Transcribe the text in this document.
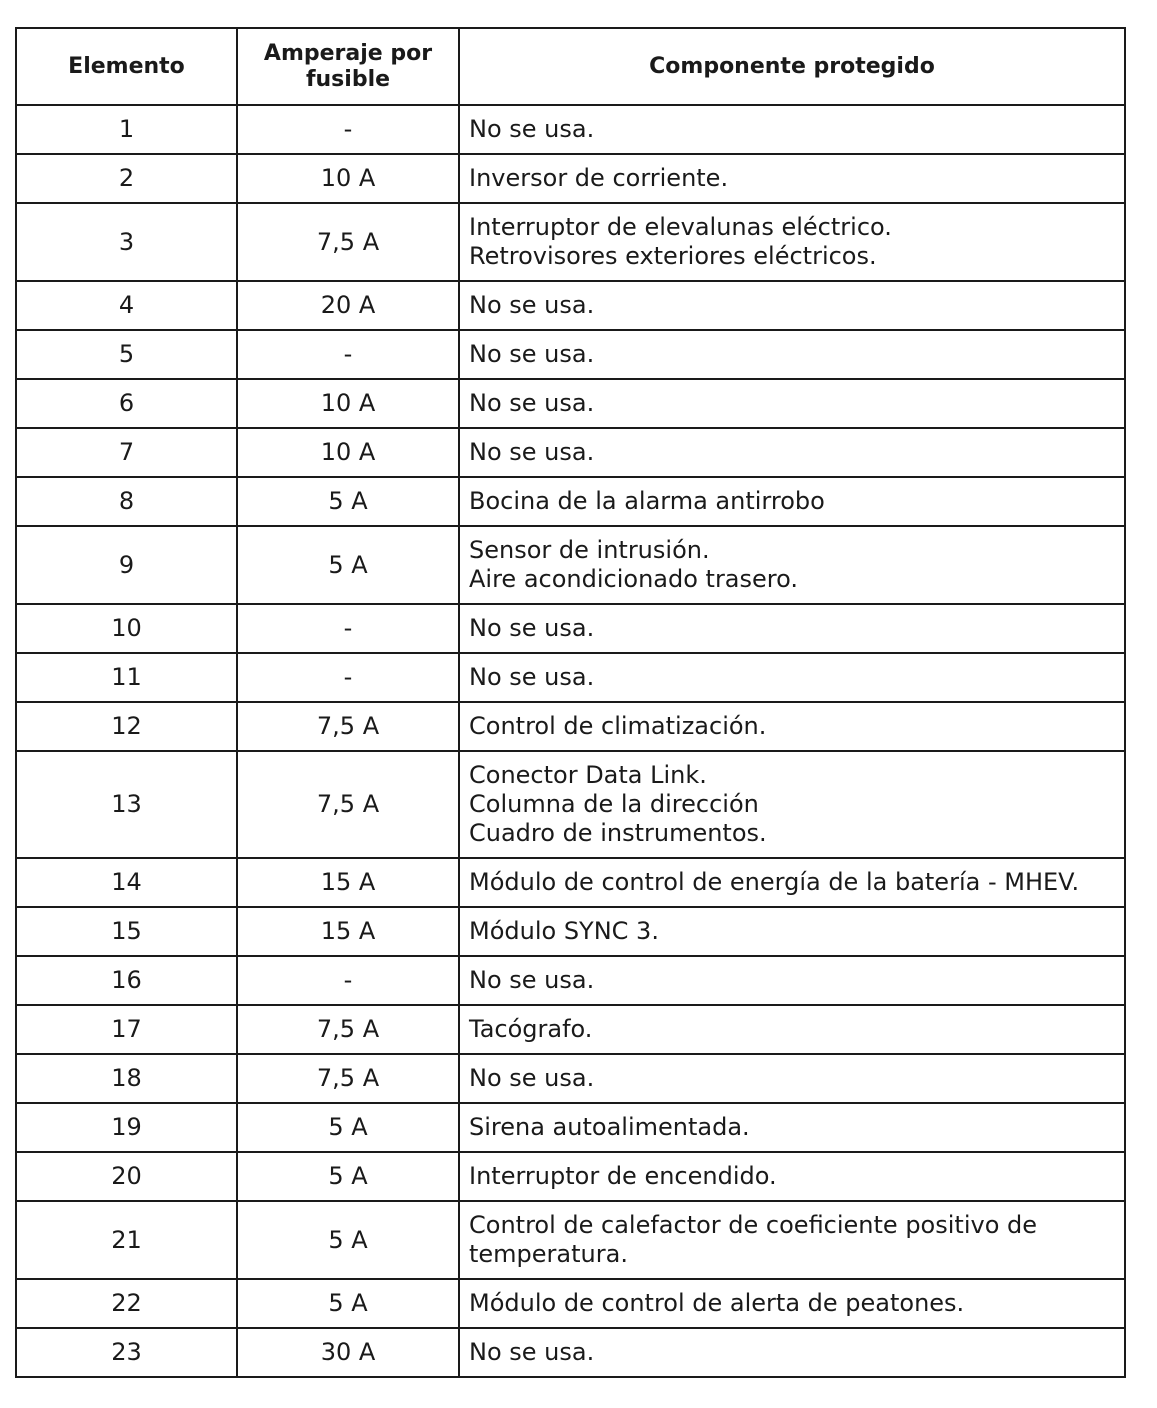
Elemento	Amperaje por fusible	Componente protegido
1	-	No se usa.

2	10 A	Inversor de corriente.

3	7,5 A	Interruptor de elevalunas eléctrico.
Retrovisores exteriores eléctricos.

4	20 A	No se usa.

5	-	No se usa.

6	10 A	No se usa.

7	10 A	No se usa.

8	5 A	Bocina de la alarma antirrobo

9	5 A	Sensor de intrusión.
Aire acondicionado trasero.

10	-	No se usa.

11	-	No se usa.

12	7,5 A	Control de climatización.

13	7,5 A	Conector Data Link.
Columna de la dirección
Cuadro de instrumentos.

14	15 A	Módulo de control de energía de la batería - MHEV.

15	15 A	Módulo SYNC 3.

16	-	No se usa.

17	7,5 A	Tacógrafo.

18	7,5 A	No se usa.

19	5 A	Sirena autoalimentada.

20	5 A	Interruptor de encendido.

21	5 A	Control de calefactor de coeficiente positivo de temperatura.

22	5 A	Módulo de control de alerta de peatones.

23	30 A	No se usa.
